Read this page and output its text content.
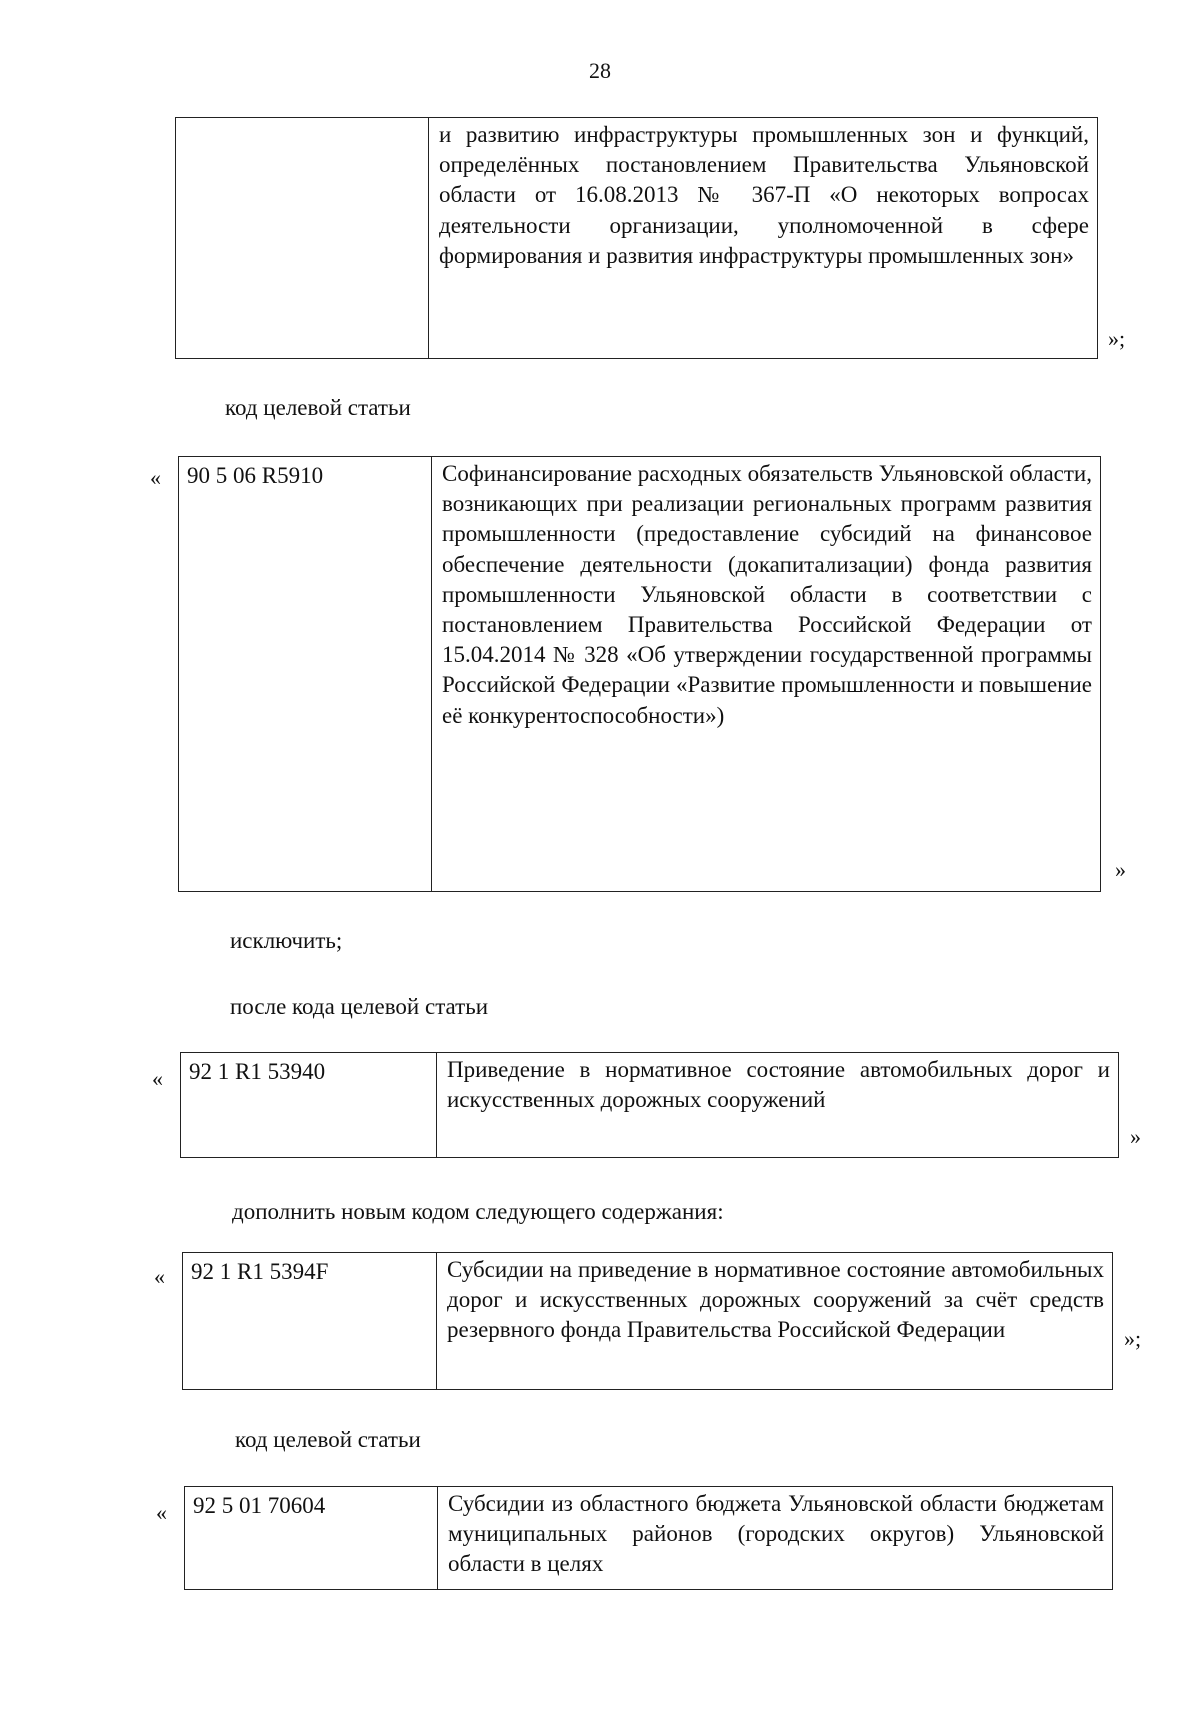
28
	и развитию инфраструктуры промышленных зон и функций, определённых постановлением Правительства Ульяновской области от 16.08.2013 № 367-П «О некоторых вопросах деятельности организации, уполномоченной в сфере формирования и развития инфраструктуры промышленных зон»
»;
код целевой статьи
« 90 5 06 R5910	Софинансирование расходных обязательств Ульяновской области, возникающих при реализации региональных программ развития промышленности (предоставление субсидий на финансовое обеспечение деятельности (докапитализации) фонда развития промышленности Ульяновской области в соответствии с постановлением Правительства Российской Федерации от 15.04.2014 № 328 «Об утверждении государственной программы Российской Федерации «Развитие промышленности и повышение её конкурентоспособности»)
»
исключить;
после кода целевой статьи
« 92 1 R1 53940	Приведение в нормативное состояние автомобильных дорог и искусственных дорожных сооружений
»
дополнить новым кодом следующего содержания:
« 92 1 R1 5394F	Субсидии на приведение в нормативное состояние автомобильных дорог и искусственных дорожных сооружений за счёт средств резервного фонда Правительства Российской Федерации	»;
код целевой статьи
« 92 5 01 70604	Субсидии из областного бюджета Ульяновской области бюджетам муниципальных районов (городских округов) Ульяновской области в целях
